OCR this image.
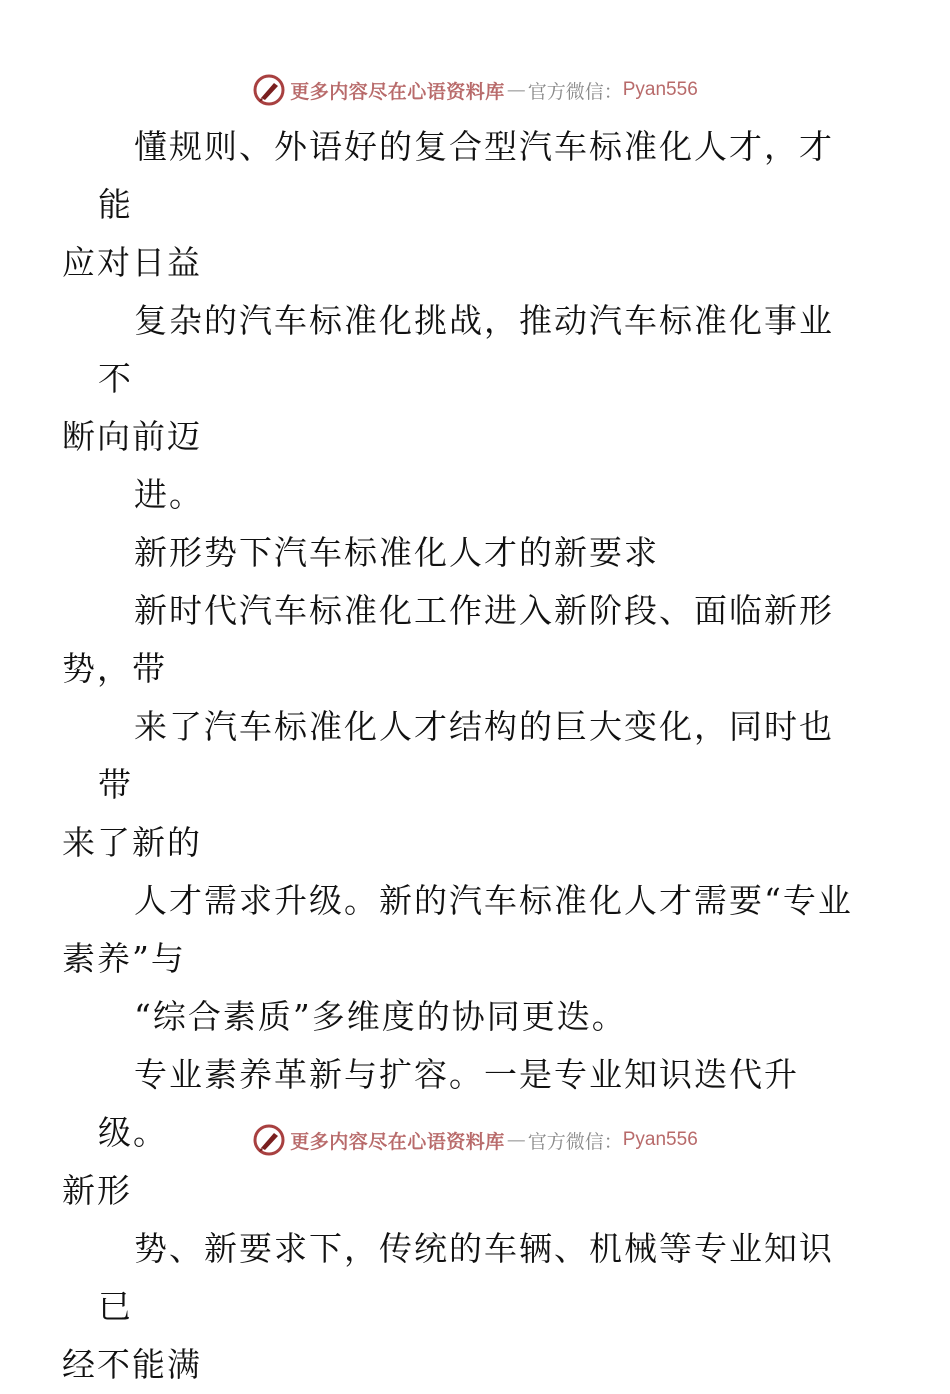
更多内容尽在心语资料库 — 官方微信： Pyan556

懂规则、外语好的复合型汽车标准化人才，才能
应对日益

复杂的汽车标准化挑战，推动汽车标准化事业不
断向前迈

进。

新形势下汽车标准化人才的新要求

新时代汽车标准化工作进入新阶段、面临新形
势，带

来了汽车标准化人才结构的巨大变化，同时也带
来了新的

人才需求升级。新的汽车标准化人才需要“专业
素养”与

“综合素质”多维度的协同更迭。

专业素养革新与扩容。一是专业知识迭代升级。
新形

势、新要求下，传统的车辆、机械等专业知识已
经不能满

更多内容尽在心语资料库 — 官方微信： Pyan556
